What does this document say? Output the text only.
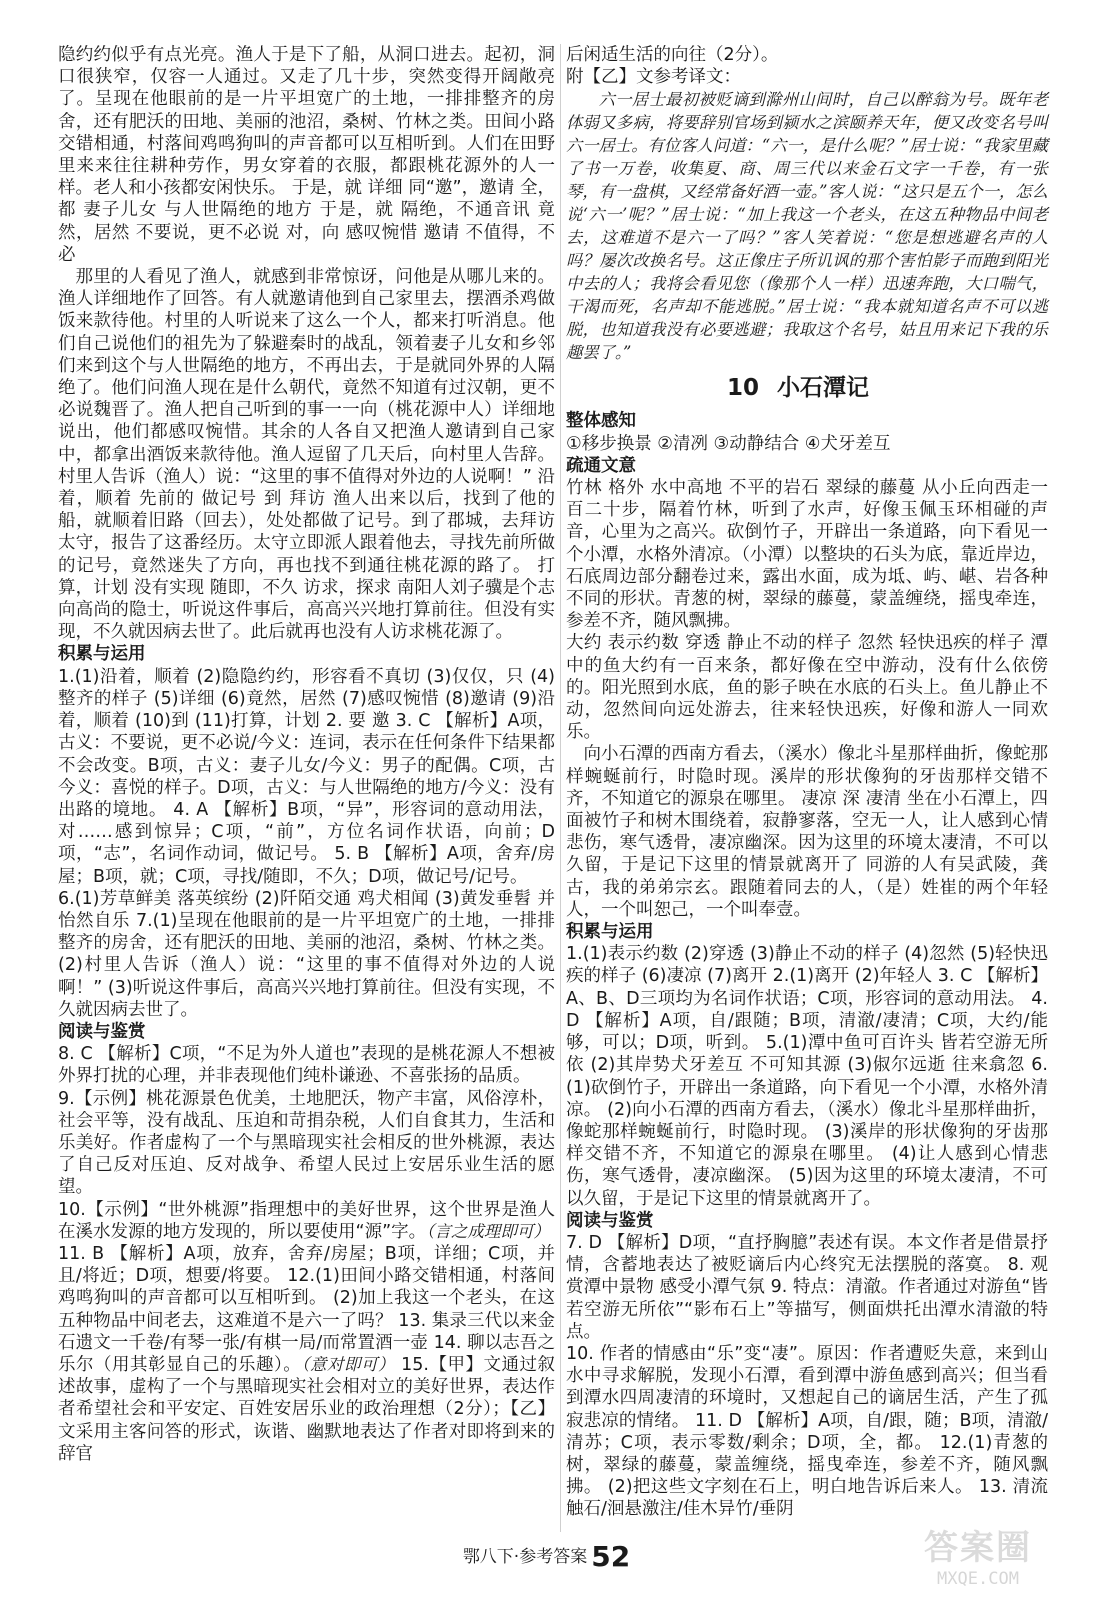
隐约约似乎有点光亮。渔人于是下了船，从洞口进去。起初，洞口很狭窄，仅容一人通过。又走了几十步，突然变得开阔敞亮了。呈现在他眼前的是一片平坦宽广的土地，一排排整齐的房舍，还有肥沃的田地、美丽的池沼，桑树、竹林之类。田间小路交错相通，村落间鸡鸣狗叫的声音都可以互相听到。人们在田野里来来往往耕种劳作，男女穿着的衣服，都跟桃花源外的人一样。老人和小孩都安闲快乐。 于是，就 详细 同“邀”，邀请 全，都 妻子儿女 与人世隔绝的地方 于是，就 隔绝，不通音讯 竟然，居然 不要说，更不必说 对，向 感叹惋惜 邀请 不值得，不必

那里的人看见了渔人，就感到非常惊讶，问他是从哪儿来的。渔人详细地作了回答。有人就邀请他到自己家里去，摆酒杀鸡做饭来款待他。村里的人听说来了这么一个人，都来打听消息。他们自己说他们的祖先为了躲避秦时的战乱，领着妻子儿女和乡邻们来到这个与人世隔绝的地方，不再出去，于是就同外界的人隔绝了。他们问渔人现在是什么朝代，竟然不知道有过汉朝，更不必说魏晋了。渔人把自己听到的事一一向（桃花源中人）详细地说出，他们都感叹惋惜。其余的人各自又把渔人邀请到自己家中，都拿出酒饭来款待他。渔人逗留了几天后，向村里人告辞。村里人告诉（渔人）说：“这里的事不值得对外边的人说啊！” 沿着，顺着 先前的 做记号 到 拜访 渔人出来以后，找到了他的船，就顺着旧路（回去），处处都做了记号。到了郡城，去拜访太守，报告了这番经历。太守立即派人跟着他去，寻找先前所做的记号，竟然迷失了方向，再也找不到通往桃花源的路了。 打算，计划 没有实现 随即，不久 访求，探求 南阳人刘子骥是个志向高尚的隐士，听说这件事后，高高兴兴地打算前往。但没有实现，不久就因病去世了。此后就再也没有人访求桃花源了。

积累与运用

1.(1)沿着，顺着 (2)隐隐约约，形容看不真切 (3)仅仅，只 (4)整齐的样子 (5)详细 (6)竟然，居然 (7)感叹惋惜 (8)邀请 (9)沿着，顺着 (10)到 (11)打算，计划 2. 要 邀 3. C 【解析】A项，古义：不要说，更不必说/今义：连词，表示在任何条件下结果都不会改变。B项，古义：妻子儿女/今义：男子的配偶。C项，古今义：喜悦的样子。D项，古义：与人世隔绝的地方/今义：没有出路的境地。 4. A 【解析】B项，“异”，形容词的意动用法，对……感到惊异；C项，“前”，方位名词作状语，向前；D项，“志”，名词作动词，做记号。 5. B 【解析】A项，舍弃/房屋；B项，就；C项，寻找/随即，不久；D项，做记号/记号。

6.(1)芳草鲜美 落英缤纷 (2)阡陌交通 鸡犬相闻 (3)黄发垂髫 并怡然自乐 7.(1)呈现在他眼前的是一片平坦宽广的土地，一排排整齐的房舍，还有肥沃的田地、美丽的池沼，桑树、竹林之类。 (2)村里人告诉（渔人）说：“这里的事不值得对外边的人说啊！” (3)听说这件事后，高高兴兴地打算前往。但没有实现，不久就因病去世了。

阅读与鉴赏

8. C 【解析】C项，“不足为外人道也”表现的是桃花源人不想被外界打扰的心理，并非表现他们纯朴谦逊、不喜张扬的品质。

9.【示例】桃花源景色优美，土地肥沃，物产丰富，风俗淳朴，社会平等，没有战乱、压迫和苛捐杂税，人们自食其力，生活和乐美好。作者虚构了一个与黑暗现实社会相反的世外桃源，表达了自己反对压迫、反对战争、希望人民过上安居乐业生活的愿望。

10.【示例】“世外桃源”指理想中的美好世界，这个世界是渔人在溪水发源的地方发现的，所以要使用“源”字。（言之成理即可）

11. B 【解析】A项，放弃，舍弃/房屋；B项，详细；C项，并且/将近；D项，想要/将要。 12.(1)田间小路交错相通，村落间鸡鸣狗叫的声音都可以互相听到。 (2)加上我这一个老头，在这五种物品中间老去，这难道不是六一了吗？ 13. 集录三代以来金石遗文一千卷/有琴一张/有棋一局/而常置酒一壶 14. 聊以志吾之乐尔（用其彰显自己的乐趣）。（意对即可） 15.【甲】文通过叙述故事，虚构了一个与黑暗现实社会相对立的美好世界，表达作者希望社会和平安定、百姓安居乐业的政治理想（2分）；【乙】文采用主客问答的形式，诙谐、幽默地表达了作者对即将到来的辞官

后闲适生活的向往（2分）。

附【乙】文参考译文：

六一居士最初被贬谪到滁州山间时，自己以醉翁为号。既年老体弱又多病，将要辞别官场到颍水之滨颐养天年，便又改变名号叫六一居士。有位客人问道：“六一，是什么呢？”居士说：“我家里藏了书一万卷，收集夏、商、周三代以来金石文字一千卷，有一张琴，有一盘棋，又经常备好酒一壶。”客人说：“这只是五个一，怎么说‘六一’呢？”居士说：“加上我这一个老头，在这五种物品中间老去，这难道不是六一了吗？”客人笑着说：“您是想逃避名声的人吗？屡次改换名号。这正像庄子所讥讽的那个害怕影子而跑到阳光中去的人；我将会看见您（像那个人一样）迅速奔跑，大口喘气，干渴而死，名声却不能逃脱。”居士说：“我本就知道名声不可以逃脱，也知道我没有必要逃避；我取这个名号，姑且用来记下我的乐趣罢了。”

10 小石潭记

整体感知

①移步换景 ②清冽 ③动静结合 ④犬牙差互

疏通文意

竹林 格外 水中高地 不平的岩石 翠绿的藤蔓 从小丘向西走一百二十步，隔着竹林，听到了水声，好像玉佩玉环相碰的声音，心里为之高兴。砍倒竹子，开辟出一条道路，向下看见一个小潭，水格外清凉。（小潭）以整块的石头为底，靠近岸边，石底周边部分翻卷过来，露出水面，成为坻、屿、嵁、岩各种不同的形状。青葱的树，翠绿的藤蔓，蒙盖缠绕，摇曳牵连，参差不齐，随风飘拂。

大约 表示约数 穿透 静止不动的样子 忽然 轻快迅疾的样子 潭中的鱼大约有一百来条，都好像在空中游动，没有什么依傍的。阳光照到水底，鱼的影子映在水底的石头上。鱼儿静止不动，忽然间向远处游去，往来轻快迅疾，好像和游人一同欢乐。

向小石潭的西南方看去，（溪水）像北斗星那样曲折，像蛇那样蜿蜒前行，时隐时现。溪岸的形状像狗的牙齿那样交错不齐，不知道它的源泉在哪里。 凄凉 深 凄清 坐在小石潭上，四面被竹子和树木围绕着，寂静寥落，空无一人，让人感到心情悲伤，寒气透骨，凄凉幽深。因为这里的环境太凄清，不可以久留，于是记下这里的情景就离开了 同游的人有吴武陵，龚古，我的弟弟宗玄。跟随着同去的人，（是）姓崔的两个年轻人，一个叫恕己，一个叫奉壹。

积累与运用

1.(1)表示约数 (2)穿透 (3)静止不动的样子 (4)忽然 (5)轻快迅疾的样子 (6)凄凉 (7)离开 2.(1)离开 (2)年轻人 3. C 【解析】A、B、D三项均为名词作状语；C项，形容词的意动用法。 4. D 【解析】A项，自/跟随；B项，清澈/凄清；C项，大约/能够，可以；D项，听到。 5.(1)潭中鱼可百许头 皆若空游无所依 (2)其岸势犬牙差互 不可知其源 (3)俶尔远逝 往来翕忽 6.(1)砍倒竹子，开辟出一条道路，向下看见一个小潭，水格外清凉。 (2)向小石潭的西南方看去，（溪水）像北斗星那样曲折，像蛇那样蜿蜒前行，时隐时现。 (3)溪岸的形状像狗的牙齿那样交错不齐，不知道它的源泉在哪里。 (4)让人感到心情悲伤，寒气透骨，凄凉幽深。 (5)因为这里的环境太凄清，不可以久留，于是记下这里的情景就离开了。

阅读与鉴赏

7. D 【解析】D项，“直抒胸臆”表述有误。本文作者是借景抒情，含蓄地表达了被贬谪后内心终究无法摆脱的落寞。 8. 观赏潭中景物 感受小潭气氛 9. 特点：清澈。作者通过对游鱼“皆若空游无所依”“影布石上”等描写，侧面烘托出潭水清澈的特点。

10. 作者的情感由“乐”变“凄”。原因：作者遭贬失意，来到山水中寻求解脱，发现小石潭，看到潭中游鱼感到高兴；但当看到潭水四周凄清的环境时，又想起自己的谪居生活，产生了孤寂悲凉的情绪。 11. D 【解析】A项，自/跟，随；B项，清澈/清苏；C项，表示零数/剩余；D项，全，都。 12.(1)青葱的树，翠绿的藤蔓，蒙盖缠绕，摇曳牵连，参差不齐，随风飘拂。 (2)把这些文字刻在石上，明白地告诉后来人。 13. 清流触石/洄悬激注/佳木异竹/垂阴

鄂八下·参考答案 52	答案圈
MXQE.COM
